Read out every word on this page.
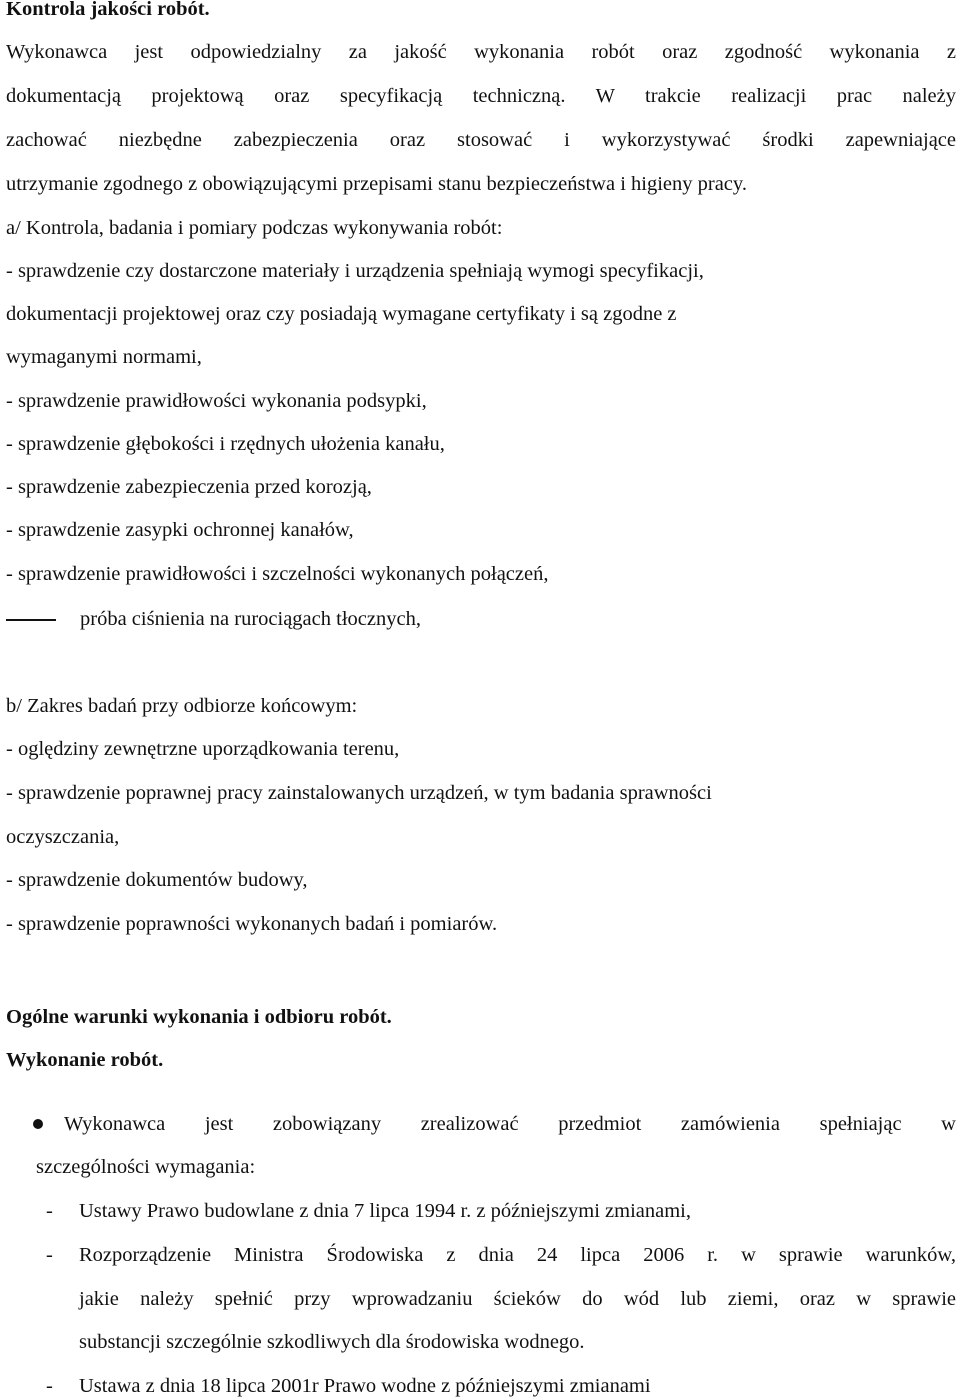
Kontrola jakości robót.
Wykonawca jest odpowiedzialny za jakość wykonania robót oraz zgodność wykonania z
dokumentacją projektową oraz specyfikacją techniczną. W trakcie realizacji prac należy
zachować niezbędne zabezpieczenia oraz stosować i wykorzystywać środki zapewniające
utrzymanie zgodnego z obowiązującymi przepisami stanu bezpieczeństwa i higieny pracy.
a/ Kontrola, badania i pomiary podczas wykonywania robót:
- sprawdzenie czy dostarczone materiały i urządzenia spełniają wymogi specyfikacji,
dokumentacji projektowej oraz czy posiadają wymagane certyfikaty i są zgodne z
wymaganymi normami,
- sprawdzenie prawidłowości wykonania podsypki,
- sprawdzenie głębokości i rzędnych ułożenia kanału,
- sprawdzenie zabezpieczenia przed korozją,
- sprawdzenie zasypki ochronnej kanałów,
- sprawdzenie prawidłowości i szczelności wykonanych połączeń,
próba ciśnienia na rurociągach tłocznych,
b/ Zakres badań przy odbiorze końcowym:
- oględziny zewnętrzne uporządkowania terenu,
- sprawdzenie poprawnej pracy zainstalowanych urządzeń, w tym badania sprawności
oczyszczania,
- sprawdzenie dokumentów budowy,
- sprawdzenie poprawności wykonanych badań i pomiarów.
Ogólne warunki wykonania i odbioru robót.
Wykonanie robót.
Wykonawca jest zobowiązany zrealizować przedmiot zamówienia spełniając w
szczególności wymagania:
- Ustawy Prawo budowlane z dnia 7 lipca 1994 r. z późniejszymi zmianami,
- Rozporządzenie Ministra Środowiska z dnia 24 lipca 2006 r. w sprawie warunków,
jakie należy spełnić przy wprowadzaniu ścieków do wód lub ziemi, oraz w sprawie
substancji szczególnie szkodliwych dla środowiska wodnego.
- Ustawa z dnia 18 lipca 2001r Prawo wodne z późniejszymi zmianami
